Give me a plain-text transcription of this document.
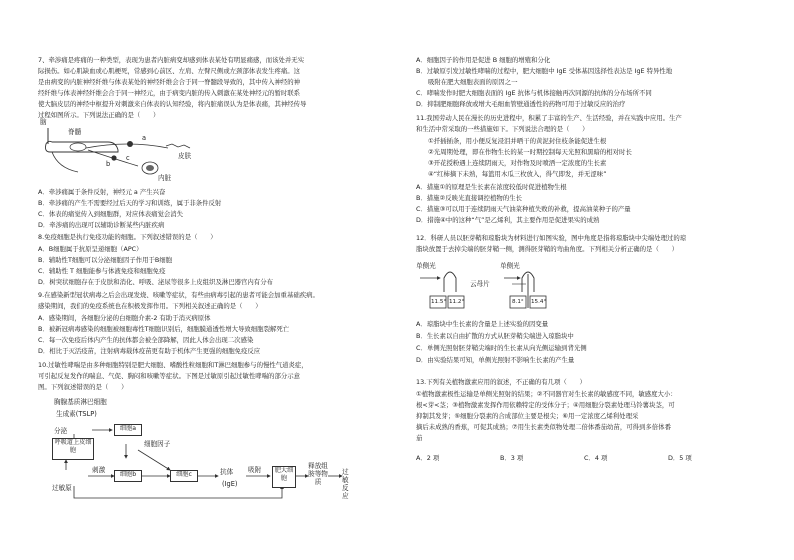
7、牵涉痛是疼痛的一种类型，表现为患者内脏病变却感到体表某处有明显痛感，而该处并无实
际损伤。如心肌缺血或心肌梗死，常感到心前区、左肩、左臂尺侧或左颈部体表发生疼痛。这
是由病变的内脏神经纤维与体表某处的神经纤维会合于同一脊髓段导致的，其中传入神经的神
经纤维与体表神经纤维会合于同一神经元，由于病变内脏的传入刺激在某处神经元的暂时联系
使大脑皮层的神经中枢提升对刺激来自体表的认知经验，将内脏痛误认为是体表痛，其神经传导
过程如图所示。下列说法正确的是（　　）
脑
脊髓
a
b
c	皮肤
内脏
A．牵涉痛属于条件反射，神经元 a 产生兴奋
B．牵涉痛的产生不需要经过后天的学习和训练，属于非条件反射
C．体表的痛觉传入到细胞群，对应体表痛觉会消失
D．牵涉痛的出现可以辅助诊断某些内脏疾病
8.免疫细胞是执行免疫功能的细胞。下列叙述错误的是（　　）
A．B细胞属于抗原呈递细胞（APC）
B．辅助性T细胞可以分泌细胞因子作用于B细胞
C．辅助性 T 细胞能参与体液免疫和细胞免疫
D．树突状细胞存在于皮肤和消化、呼吸、泌尿等很多上皮组织及淋巴器官内有分布
9.在感染新型冠状病毒之后会出现发烧、咳嗽等症状，有些由病毒引起的患者可能会加重基础疾病。
感染期间，我们的免疫系统也在积极发挥作用。下列相关叙述正确的是（　　）
A．感染期间，各细胞分泌的白细胞介素-2 有助于消灭病原体
B．被新冠病毒感染的细胞被细胞毒性T细胞识别后，细胞膜通透性增大导致细胞裂解死亡
C．每一次免疫后体内产生的抗体都会被全部降解，因此人体会出现二次感染
D．相比于灭活疫苗，注射病毒载体疫苗更有助于机体产生更强的细胞免疫反应
10.过敏性哮喘是由多种细胞特别是肥大细胞、嗜酸性粒细胞和T淋巴细胞参与的慢性气道炎症，
可引起反复发作的喘息、气促、胸闷和咳嗽等症状。下图是过敏原引起过敏性哮喘的部分示意
图。下列叙述错误的是（　　）
胸腺基质淋巴细胞
生成素(TSLP)
分泌
呼吸道上皮细胞
细胞a
细胞因子
刺激
过敏原
细胞b	细胞c	抗体
(IgE)
吸附	肥大细胞
释放组胺等物质
过敏反应
A．细胞因子的作用是促进 B 细胞的增殖和分化
B．过敏原引发过敏性哮喘的过程中，肥大细胞中 IgE 受体基因选择性表达是 IgE 特异性地
吸附在肥大细胞表面的原因之一
C．哮喘发作时肥大细胞表面的 IgE 抗体与机体接触再次同源的抗体的分布场所不同
D．抑制肥细胞释放或增大毛细血管壁通透性的药物可用于过敏反应的治疗
11.我国劳动人民在漫长的历史进程中，积累了丰富的生产、生活经验，并在实践中应用。生产
和生活中常采取的一些措施如下。下列说法合理的是（　　）
①扦插插条，用小便反复浸泪并晒干的黄泥封住枝条能促进生根
②光周期处理，即在作物生长的某一时期控制每天光照和黑暗的相对时长
③开花授粉遇上连续阴雨天，对作物及时喷洒一定浓度的生长素
④“红柿摘下未熟，每篮用木瓜三枚放入，得气即发，并无涩味”
A．措施①的原理是生长素在浓度较低时促进植物生根
B．措施②反映光直接调控植物的生长
C．措施③可以用于连续阴雨天气油菜种植失败的补救，提高油菜种子的产量
D．措施④中的这种“气”是乙烯利，其主要作用是促进果实的成熟
12．科研人员以胚芽鞘和琼脂块为材料进行如图实验，图中角度是指将琼脂块中尖端处理过的琼
脂块放置于去掉尖端的胚芽鞘一侧，测得胚芽鞘的弯曲角度。下列相关分析正确的是（　　）
单侧光	单侧光
云母片
11.5° 11.2°	8.1° 15.4°
A．琼脂块中生长素的含量是上述实验的因变量
B．生长素以自由扩散的方式从胚芽鞘尖端进入琼脂块中
C．单侧光照射胚芽鞘尖端时的生长素从向光侧运输到背光侧
D．由实验结果可知，单侧光照射不影响生长素的产生量
13.下列有关植物激素应用的叙述，不正确的有几项（　　）
①植物激素极性运输是单侧光照射的结果；②不同器官对生长素的敏感度不同，敏感度大小：
根<芽<茎；③植物激素发挥作用依赖特定的受体分子；④用细胞分裂素处理马铃薯块茎，可
抑制其发芽；⑤细胞分裂素的合成部位主要是根尖；⑥用一定浓度乙烯利处理采
摘后未成熟的香蕉，可促其成熟；⑦用生长素类似物处理二倍体番茄幼苗，可得到多倍体番
茄
A．2 项	B．3 项	C．4 项	D．5 项
